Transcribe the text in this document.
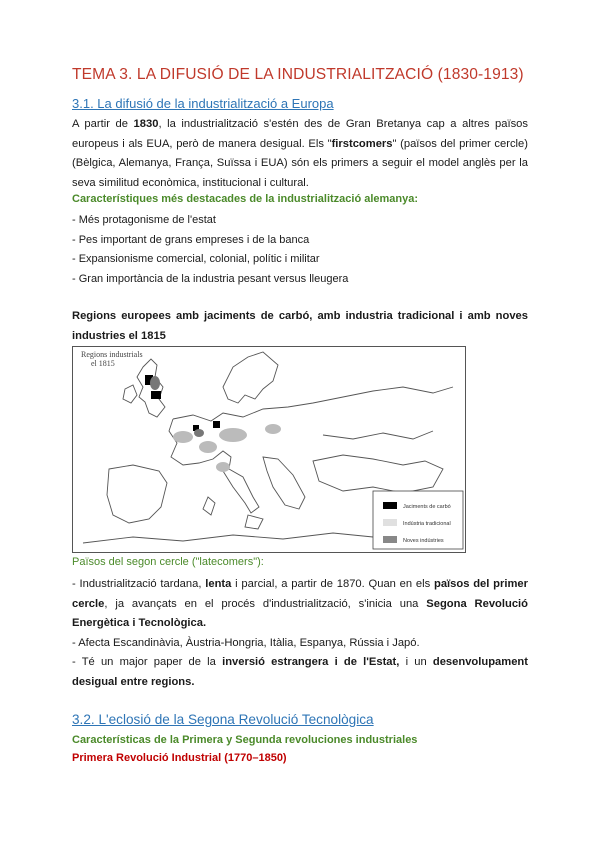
TEMA 3. LA DIFUSIÓ DE LA INDUSTRIALITZACIÓ (1830-1913)
3.1. La difusió de la industrialització a Europa
A partir de 1830, la industrialització s'estén des de Gran Bretanya cap a altres països europeus i als EUA, però de manera desigual. Els "firstcomers" (països del primer cercle) (Bèlgica, Alemanya, França, Suïssa i EUA) són els primers a seguir el model anglès per la seva similitud econòmica, institucional i cultural.
Característiques més destacades de la industrialització alemanya:
- Més protagonisme de l'estat
- Pes important de grans empreses i de la banca
- Expansionisme comercial, colonial, polític i militar
- Gran importància de la industria pesant versus lleugera
Regions europees amb jaciments de carbó, amb industria tradicional i amb noves industries el 1815
Països del segon cercle ("latecomers"):
- Industrialització tardana, lenta i parcial, a partir de 1870. Quan en els països del primer cercle, ja avançats en el procés d'industrialització, s'inicia una Segona Revolució Energètica i Tecnològica.
- Afecta Escandinàvia, Àustria-Hongria, Itàlia, Espanya, Rússia i Japó.
- Té un major paper de la inversió estrangera i de l'Estat, i un desenvolupament desigual entre regions.
3.2. L'eclosió de la Segona Revolució Tecnològica
Características de la Primera y Segunda revoluciones industriales
Primera Revolució Industrial (1770–1850)
Regions industrials
el 1815
Jaciments de carbó
Indústria tradicional
Noves indústries
